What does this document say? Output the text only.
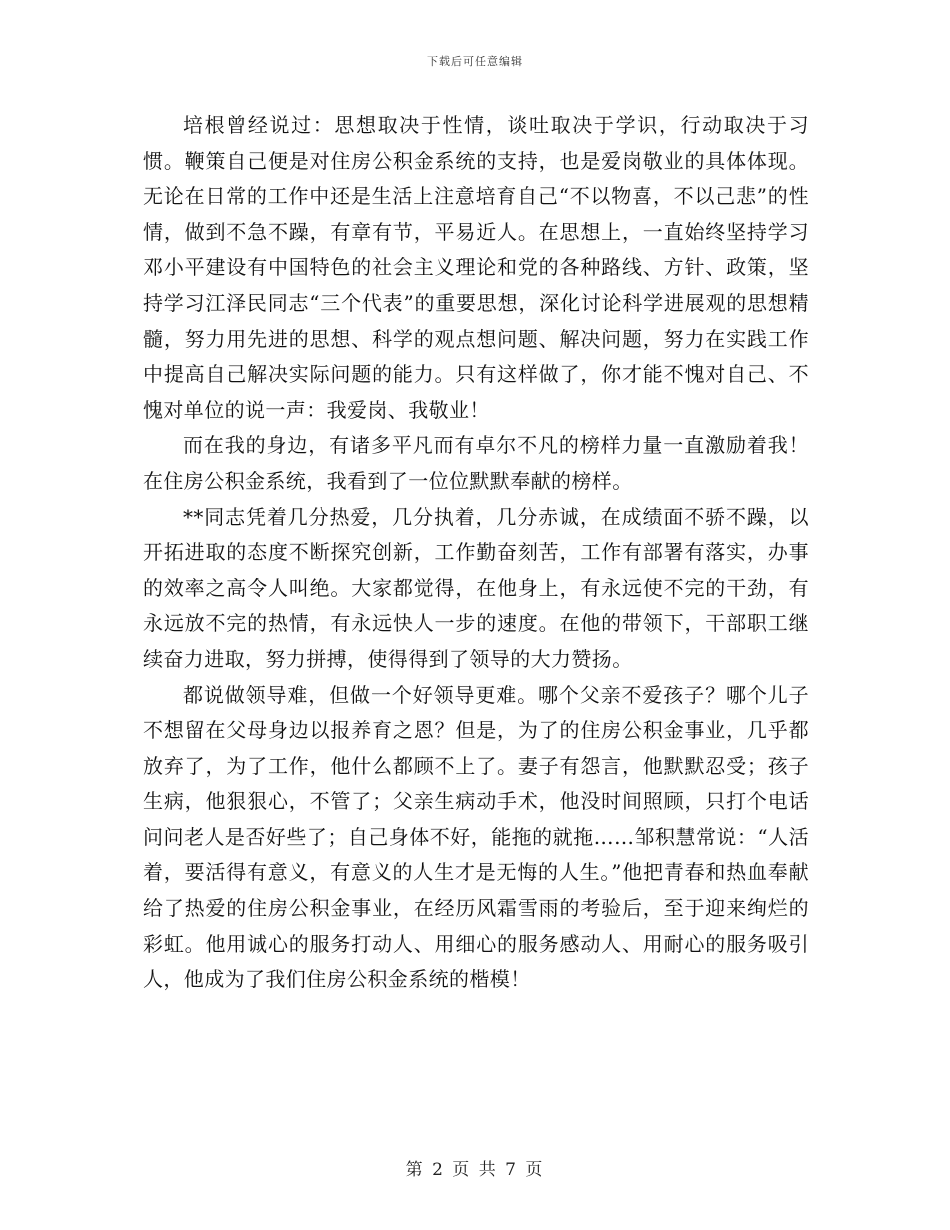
下载后可任意编辑

培根曾经说过：思想取决于性情，谈吐取决于学识，行动取决于习惯。鞭策自己便是对住房公积金系统的支持，也是爱岗敬业的具体体现。无论在日常的工作中还是生活上注意培育自己“不以物喜，不以己悲”的性情，做到不急不躁，有章有节，平易近人。在思想上，一直始终坚持学习邓小平建设有中国特色的社会主义理论和党的各种路线、方针、政策，坚持学习江泽民同志“三个代表”的重要思想，深化讨论科学进展观的思想精髓，努力用先进的思想、科学的观点想问题、解决问题，努力在实践工作中提高自己解决实际问题的能力。只有这样做了，你才能不愧对自己、不愧对单位的说一声：我爱岗、我敬业！

而在我的身边，有诸多平凡而有卓尔不凡的榜样力量一直激励着我！在住房公积金系统，我看到了一位位默默奉献的榜样。

**同志凭着几分热爱，几分执着，几分赤诚，在成绩面不骄不躁，以开拓进取的态度不断探究创新，工作勤奋刻苦，工作有部署有落实，办事的效率之高令人叫绝。大家都觉得，在他身上，有永远使不完的干劲，有永远放不完的热情，有永远快人一步的速度。在他的带领下，干部职工继续奋力进取，努力拼搏，使得得到了领导的大力赞扬。

都说做领导难，但做一个好领导更难。哪个父亲不爱孩子？哪个儿子不想留在父母身边以报养育之恩？但是，为了的住房公积金事业，几乎都放弃了，为了工作，他什么都顾不上了。妻子有怨言，他默默忍受；孩子生病，他狠狠心，不管了；父亲生病动手术，他没时间照顾，只打个电话问问老人是否好些了；自己身体不好，能拖的就拖……邹积慧常说：“人活着，要活得有意义，有意义的人生才是无悔的人生。”他把青春和热血奉献给了热爱的住房公积金事业，在经历风霜雪雨的考验后，至于迎来绚烂的彩虹。他用诚心的服务打动人、用细心的服务感动人、用耐心的服务吸引人，他成为了我们住房公积金系统的楷模！

第 2 页 共 7 页
